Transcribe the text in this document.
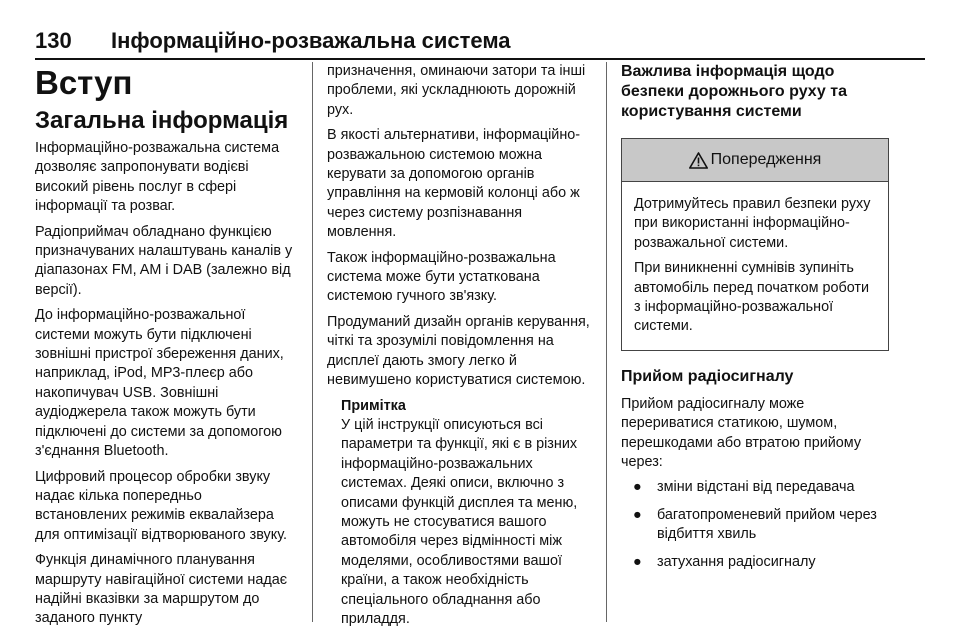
130 Інформаційно-розважальна система
Вступ
Загальна інформація

Інформаційно-розважальна система дозволяє запропонувати водієві високий рівень послуг в сфері інформації та розваг.

Радіоприймач обладнано функцією призначуваних налаштувань каналів у діапазонах FM, AM і DAB (залежно від версії).

До інформаційно-розважальної системи можуть бути підключені зовнішні пристрої збереження даних, наприклад, iPod, MP3-плеєр або накопичувач USB. Зовнішні аудіоджерела також можуть бути підключені до системи за допомогою з'єднання Bluetooth.

Цифровий процесор обробки звуку надає кілька попередньо встановлених режимів еквалайзера для оптимізації відтворюваного звуку.

Функція динамічного планування маршруту навігаційної системи надає надійні вказівки за маршрутом до заданого пункту

призначення, оминаючи затори та інші проблеми, які ускладнюють дорожній рух.

В якості альтернативи, інформаційно-розважальною системою можна керувати за допомогою органів управління на кермовій колонці або ж через систему розпізнавання мовлення.

Також інформаційно-розважальна система може бути устаткована системою гучного зв'язку.

Продуманий дизайн органів керування, чіткі та зрозумілі повідомлення на дисплеї дають змогу легко й невимушено користуватися системою.

Примітка

У цій інструкції описуються всі параметри та функції, які є в різних інформаційно-розважальних системах. Деякі описи, включно з описами функцій дисплея та меню, можуть не стосуватися вашого автомобіля через відмінності між моделями, особливостями вашої країни, а також необхідність спеціального обладнання або приладдя.

Важлива інформація щодо безпеки дорожнього руху та користування системи
Попередження

Дотримуйтесь правил безпеки руху при використанні інформаційно-розважальної системи.

При виникненні сумнівів зупиніть автомобіль перед початком роботи з інформаційно-розважальної системи.

Прийом радіосигналу

Прийом радіосигналу може перериватися статикою, шумом, перешкодами або втратою прийому через:

● зміни відстані від передавача
● багатопроменевий прийом через відбиття хвиль
● затухання радіосигналу
